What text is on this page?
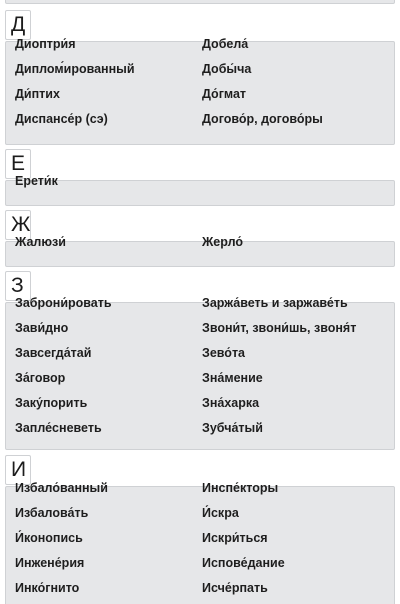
Д
Диоптри́я
Диплом́ированный
Ди́птих
Диспансе́р (сэ)
Добела́
Добы́ча
До́гмат
Догово́р, догово́ры
Е
Ерети́к
Ж
Жалюзи́	Жерло́
З
Заброни́ровать
Зави́дно
Завсегда́тай
За́говор
Заку́порить
Запле́сневеть
Заржа́веть и заржаве́ть
Звони́т, звони́шь, звоня́т
Зево́та
Зна́мение
Зна́харка
Зубча́тый
И
Избало́ванный
Избалова́ть
И́конопись
Инжене́рия
Инко́гнито
Инспе́кторы
И́скра
Искри́ться
Испове́дание
Исче́рпать
